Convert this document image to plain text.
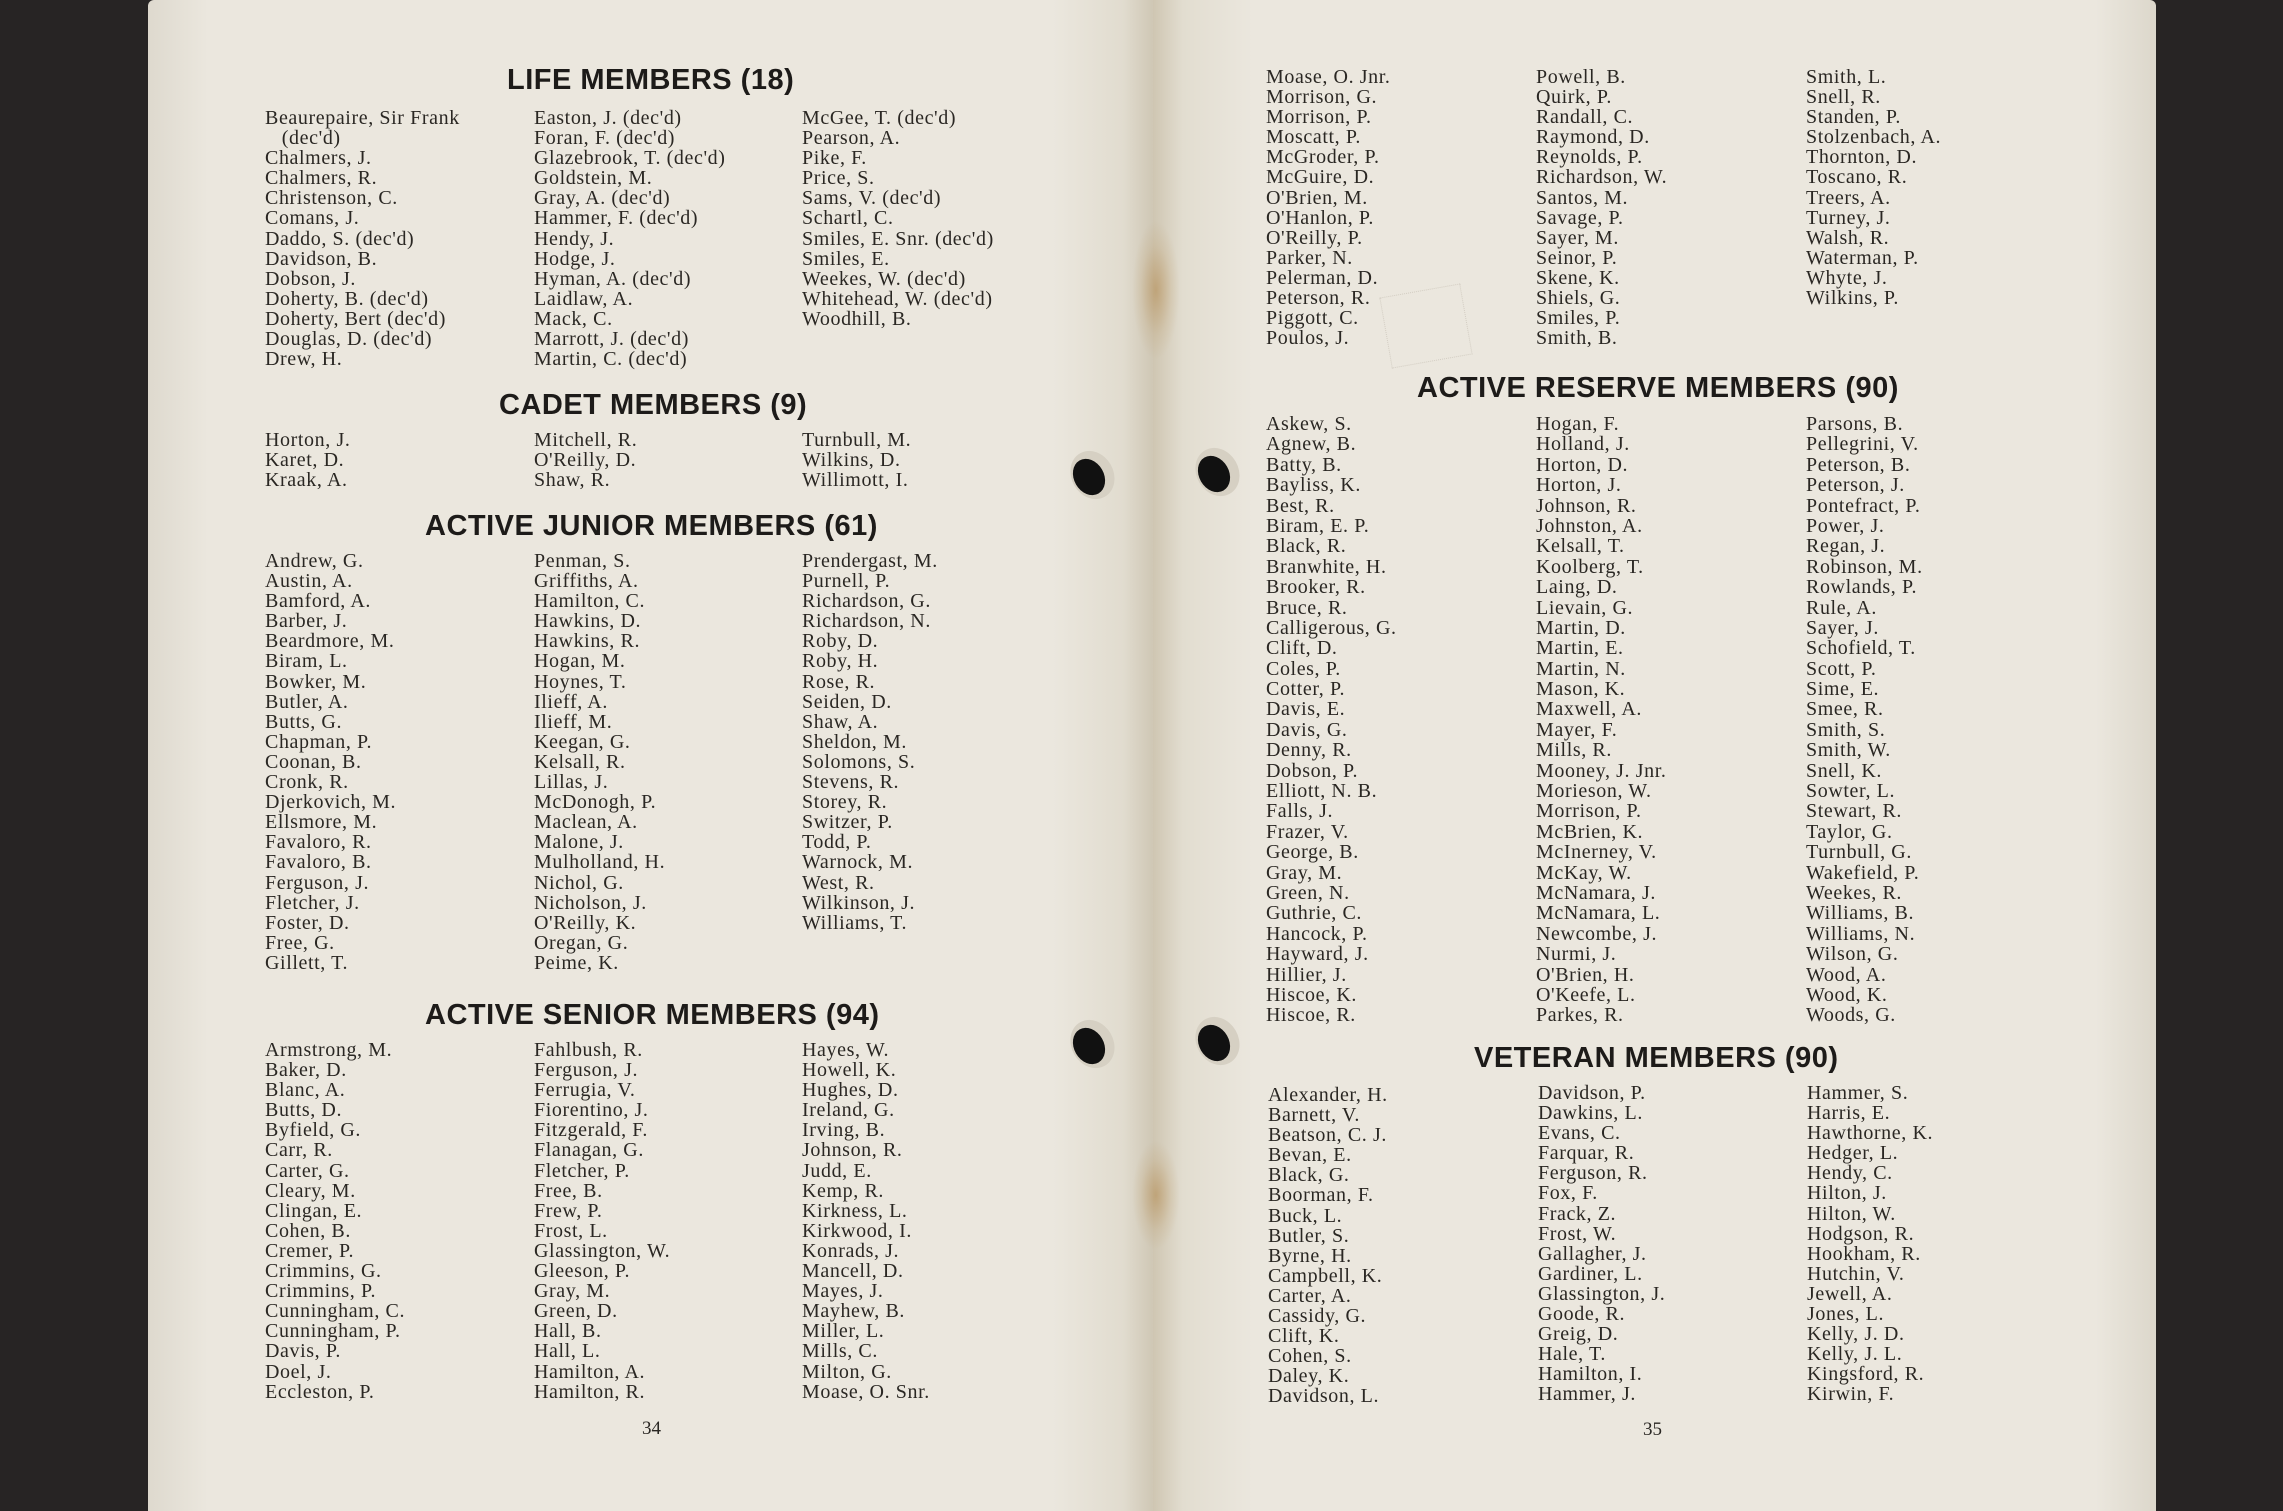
LIFE MEMBERS (18)
Beaurepaire, Sir Frank
(dec'd)
Chalmers, J.
Chalmers, R.
Christenson, C.
Comans, J.
Daddo, S. (dec'd)
Davidson, B.
Dobson, J.
Doherty, B. (dec'd)
Doherty, Bert (dec'd)
Douglas, D. (dec'd)
Drew, H.
Easton, J. (dec'd)
Foran, F. (dec'd)
Glazebrook, T. (dec'd)
Goldstein, M.
Gray, A. (dec'd)
Hammer, F. (dec'd)
Hendy, J.
Hodge, J.
Hyman, A. (dec'd)
Laidlaw, A.
Mack, C.
Marrott, J. (dec'd)
Martin, C. (dec'd)
McGee, T. (dec'd)
Pearson, A.
Pike, F.
Price, S.
Sams, V. (dec'd)
Schartl, C.
Smiles, E. Snr. (dec'd)
Smiles, E.
Weekes, W. (dec'd)
Whitehead, W. (dec'd)
Woodhill, B.
CADET MEMBERS (9)
Horton, J.
Karet, D.
Kraak, A.
Mitchell, R.
O'Reilly, D.
Shaw, R.
Turnbull, M.
Wilkins, D.
Willimott, I.
ACTIVE JUNIOR MEMBERS (61)
Andrew, G.
Austin, A.
Bamford, A.
Barber, J.
Beardmore, M.
Biram, L.
Bowker, M.
Butler, A.
Butts, G.
Chapman, P.
Coonan, B.
Cronk, R.
Djerkovich, M.
Ellsmore, M.
Favaloro, R.
Favaloro, B.
Ferguson, J.
Fletcher, J.
Foster, D.
Free, G.
Gillett, T.
Penman, S.
Griffiths, A.
Hamilton, C.
Hawkins, D.
Hawkins, R.
Hogan, M.
Hoynes, T.
Ilieff, A.
Ilieff, M.
Keegan, G.
Kelsall, R.
Lillas, J.
McDonogh, P.
Maclean, A.
Malone, J.
Mulholland, H.
Nichol, G.
Nicholson, J.
O'Reilly, K.
Oregan, G.
Peime, K.
Prendergast, M.
Purnell, P.
Richardson, G.
Richardson, N.
Roby, D.
Roby, H.
Rose, R.
Seiden, D.
Shaw, A.
Sheldon, M.
Solomons, S.
Stevens, R.
Storey, R.
Switzer, P.
Todd, P.
Warnock, M.
West, R.
Wilkinson, J.
Williams, T.
ACTIVE SENIOR MEMBERS (94)
Armstrong, M.
Baker, D.
Blanc, A.
Butts, D.
Byfield, G.
Carr, R.
Carter, G.
Cleary, M.
Clingan, E.
Cohen, B.
Cremer, P.
Crimmins, G.
Crimmins, P.
Cunningham, C.
Cunningham, P.
Davis, P.
Doel, J.
Eccleston, P.
Fahlbush, R.
Ferguson, J.
Ferrugia, V.
Fiorentino, J.
Fitzgerald, F.
Flanagan, G.
Fletcher, P.
Free, B.
Frew, P.
Frost, L.
Glassington, W.
Gleeson, P.
Gray, M.
Green, D.
Hall, B.
Hall, L.
Hamilton, A.
Hamilton, R.
Hayes, W.
Howell, K.
Hughes, D.
Ireland, G.
Irving, B.
Johnson, R.
Judd, E.
Kemp, R.
Kirkness, L.
Kirkwood, I.
Konrads, J.
Mancell, D.
Mayes, J.
Mayhew, B.
Miller, L.
Mills, C.
Milton, G.
Moase, O. Snr.
34
Moase, O. Jnr.
Morrison, G.
Morrison, P.
Moscatt, P.
McGroder, P.
McGuire, D.
O'Brien, M.
O'Hanlon, P.
O'Reilly, P.
Parker, N.
Pelerman, D.
Peterson, R.
Piggott, C.
Poulos, J.
Powell, B.
Quirk, P.
Randall, C.
Raymond, D.
Reynolds, P.
Richardson, W.
Santos, M.
Savage, P.
Sayer, M.
Seinor, P.
Skene, K.
Shiels, G.
Smiles, P.
Smith, B.
Smith, L.
Snell, R.
Standen, P.
Stolzenbach, A.
Thornton, D.
Toscano, R.
Treers, A.
Turney, J.
Walsh, R.
Waterman, P.
Whyte, J.
Wilkins, P.
ACTIVE RESERVE MEMBERS (90)
Askew, S.
Agnew, B.
Batty, B.
Bayliss, K.
Best, R.
Biram, E. P.
Black, R.
Branwhite, H.
Brooker, R.
Bruce, R.
Calligerous, G.
Clift, D.
Coles, P.
Cotter, P.
Davis, E.
Davis, G.
Denny, R.
Dobson, P.
Elliott, N. B.
Falls, J.
Frazer, V.
George, B.
Gray, M.
Green, N.
Guthrie, C.
Hancock, P.
Hayward, J.
Hillier, J.
Hiscoe, K.
Hiscoe, R.
Hogan, F.
Holland, J.
Horton, D.
Horton, J.
Johnson, R.
Johnston, A.
Kelsall, T.
Koolberg, T.
Laing, D.
Lievain, G.
Martin, D.
Martin, E.
Martin, N.
Mason, K.
Maxwell, A.
Mayer, F.
Mills, R.
Mooney, J. Jnr.
Morieson, W.
Morrison, P.
McBrien, K.
McInerney, V.
McKay, W.
McNamara, J.
McNamara, L.
Newcombe, J.
Nurmi, J.
O'Brien, H.
O'Keefe, L.
Parkes, R.
Parsons, B.
Pellegrini, V.
Peterson, B.
Peterson, J.
Pontefract, P.
Power, J.
Regan, J.
Robinson, M.
Rowlands, P.
Rule, A.
Sayer, J.
Schofield, T.
Scott, P.
Sime, E.
Smee, R.
Smith, S.
Smith, W.
Snell, K.
Sowter, L.
Stewart, R.
Taylor, G.
Turnbull, G.
Wakefield, P.
Weekes, R.
Williams, B.
Williams, N.
Wilson, G.
Wood, A.
Wood, K.
Woods, G.
VETERAN MEMBERS (90)
Alexander, H.
Barnett, V.
Beatson, C. J.
Bevan, E.
Black, G.
Boorman, F.
Buck, L.
Butler, S.
Byrne, H.
Campbell, K.
Carter, A.
Cassidy, G.
Clift, K.
Cohen, S.
Daley, K.
Davidson, L.
Davidson, P.
Dawkins, L.
Evans, C.
Farquar, R.
Ferguson, R.
Fox, F.
Frack, Z.
Frost, W.
Gallagher, J.
Gardiner, L.
Glassington, J.
Goode, R.
Greig, D.
Hale, T.
Hamilton, I.
Hammer, J.
Hammer, S.
Harris, E.
Hawthorne, K.
Hedger, L.
Hendy, C.
Hilton, J.
Hilton, W.
Hodgson, R.
Hookham, R.
Hutchin, V.
Jewell, A.
Jones, L.
Kelly, J. D.
Kelly, J. L.
Kingsford, R.
Kirwin, F.
35
